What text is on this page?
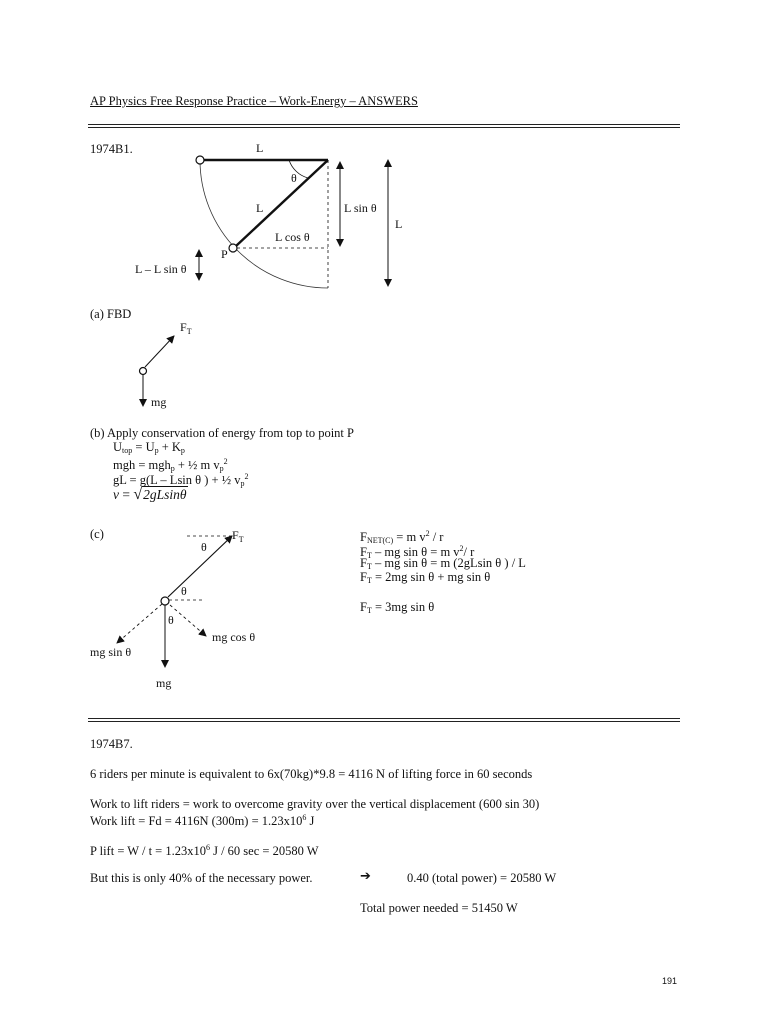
AP Physics Free Response Practice – Work-Energy – ANSWERS
1974B1.	L
θ
L	L sin θ
L
L cos θ
P
L – L sin θ
(a) FBD
$F_T$
mg
(b) Apply conservation of energy from top to point P
$U_{top} = U_p + K_p$
mgh = mgh$_p$ + ½ m $v_p^2$
gL = g(L – Lsin θ ) + ½ $v_p^2$
v = √2gLsinθ
(c)	$F_T$
θ
θ
θ
mg cos θ
mg sin θ
mg
$F_{NET(C)} = m$ $v^2$ / r
$F_T$ – mg sin θ = m $v^2/$ r
$F_T$ – mg sin θ = m (2gLsin θ ) / L
$F_T = 2mg$ sin θ + mg sin θ
$F_T = 3mg$ sin θ
1974B7.
6 riders per minute is equivalent to 6x(70kg)*9.8 = 4116 N of lifting force in 60 seconds
Work to lift riders = work to overcome gravity over the vertical displacement (600 sin 30)
Work lift = Fd = 4116N $(300m) = 1.23x10^6$ J
P lift = $W / t = 1.23x10^6$ J / 60 sec = 20580 W
But this is only 40% of the necessary power.	➔	0.40 (total power) = 20580 W
Total power needed = 51450 W
191
